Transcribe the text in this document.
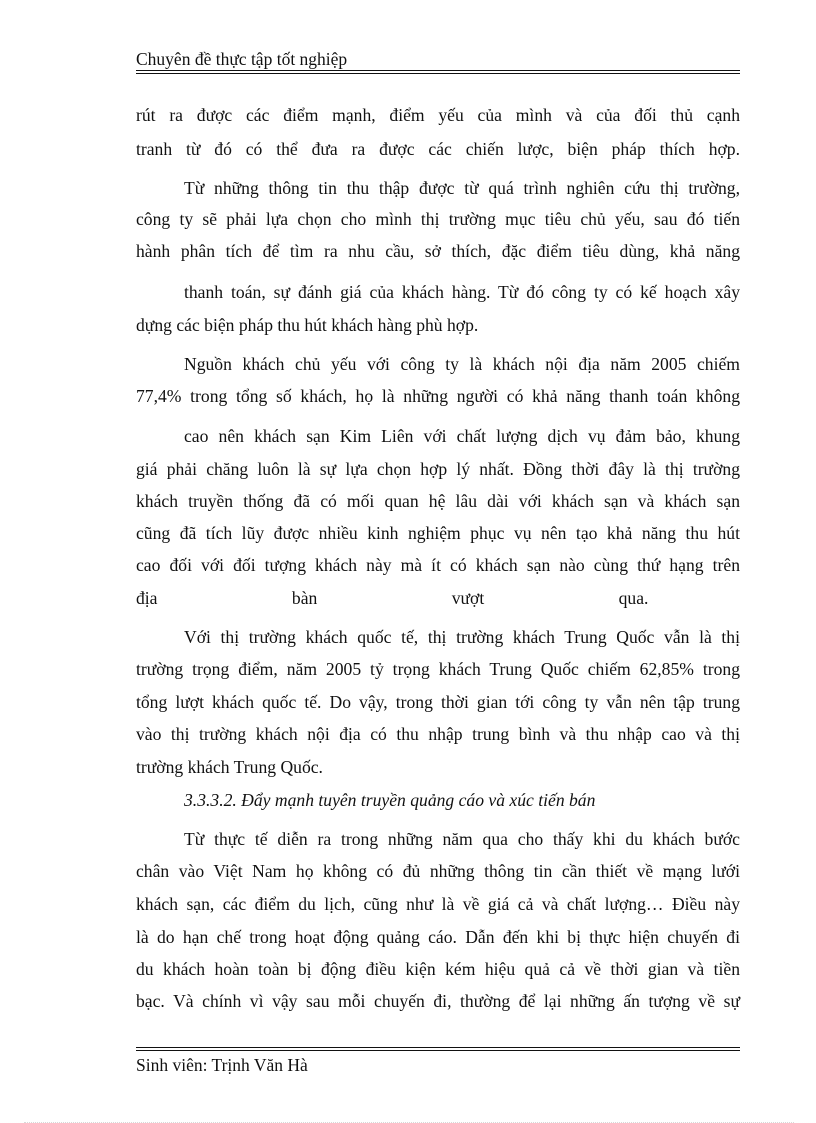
Chuyên đề thực tập tốt nghiệp
rút ra được các điểm mạnh, điểm yếu của mình và của đối thủ cạnh
tranh từ đó có thể đưa ra được các chiến lược, biện pháp thích hợp.
Từ những thông tin thu thập được từ quá trình nghiên cứu thị trường,
công ty sẽ phải lựa chọn cho mình thị trường mục tiêu chủ yếu, sau đó tiến
hành phân tích để tìm ra nhu cầu, sở thích, đặc điểm tiêu dùng, khả năng
thanh toán, sự đánh giá của khách hàng. Từ đó công ty có kế hoạch xây
dựng các biện pháp thu hút khách hàng phù hợp.
Nguồn khách chủ yếu với công ty là khách nội địa năm 2005 chiếm
77,4% trong tổng số khách, họ là những người có khả năng thanh toán không
cao nên khách sạn Kim Liên với chất lượng dịch vụ đảm bảo, khung
giá phải chăng luôn là sự lựa chọn hợp lý nhất. Đồng thời đây là thị trường
khách truyền thống đã có mối quan hệ lâu dài với khách sạn và khách sạn
cũng đã tích lũy được nhiều kinh nghiệm phục vụ nên tạo khả năng thu hút
cao đối với đối tượng khách này mà ít có khách sạn nào cùng thứ hạng trên
địa bàn vượt qua.
Với thị trường khách quốc tế, thị trường khách Trung Quốc vẫn là thị
trường trọng điểm, năm 2005 tỷ trọng khách Trung Quốc chiếm 62,85% trong
tổng lượt khách quốc tế. Do vậy, trong thời gian tới công ty vẫn nên tập trung
vào thị trường khách nội địa có thu nhập trung bình và thu nhập cao và thị
trường khách Trung Quốc.
3.3.3.2. Đẩy mạnh tuyên truyền quảng cáo và xúc tiến bán
Từ thực tế diễn ra trong những năm qua cho thấy khi du khách bước
chân vào Việt Nam họ không có đủ những thông tin cần thiết về mạng lưới
khách sạn, các điểm du lịch, cũng như là về giá cả và chất lượng… Điều này
là do hạn chế trong hoạt động quảng cáo. Dẫn đến khi bị thực hiện chuyến đi
du khách hoàn toàn bị động điều kiện kém hiệu quả cả về thời gian và tiền
bạc. Và chính vì vậy sau mỗi chuyến đi, thường để lại những ấn tượng về sự
Sinh viên: Trịnh Văn Hà
